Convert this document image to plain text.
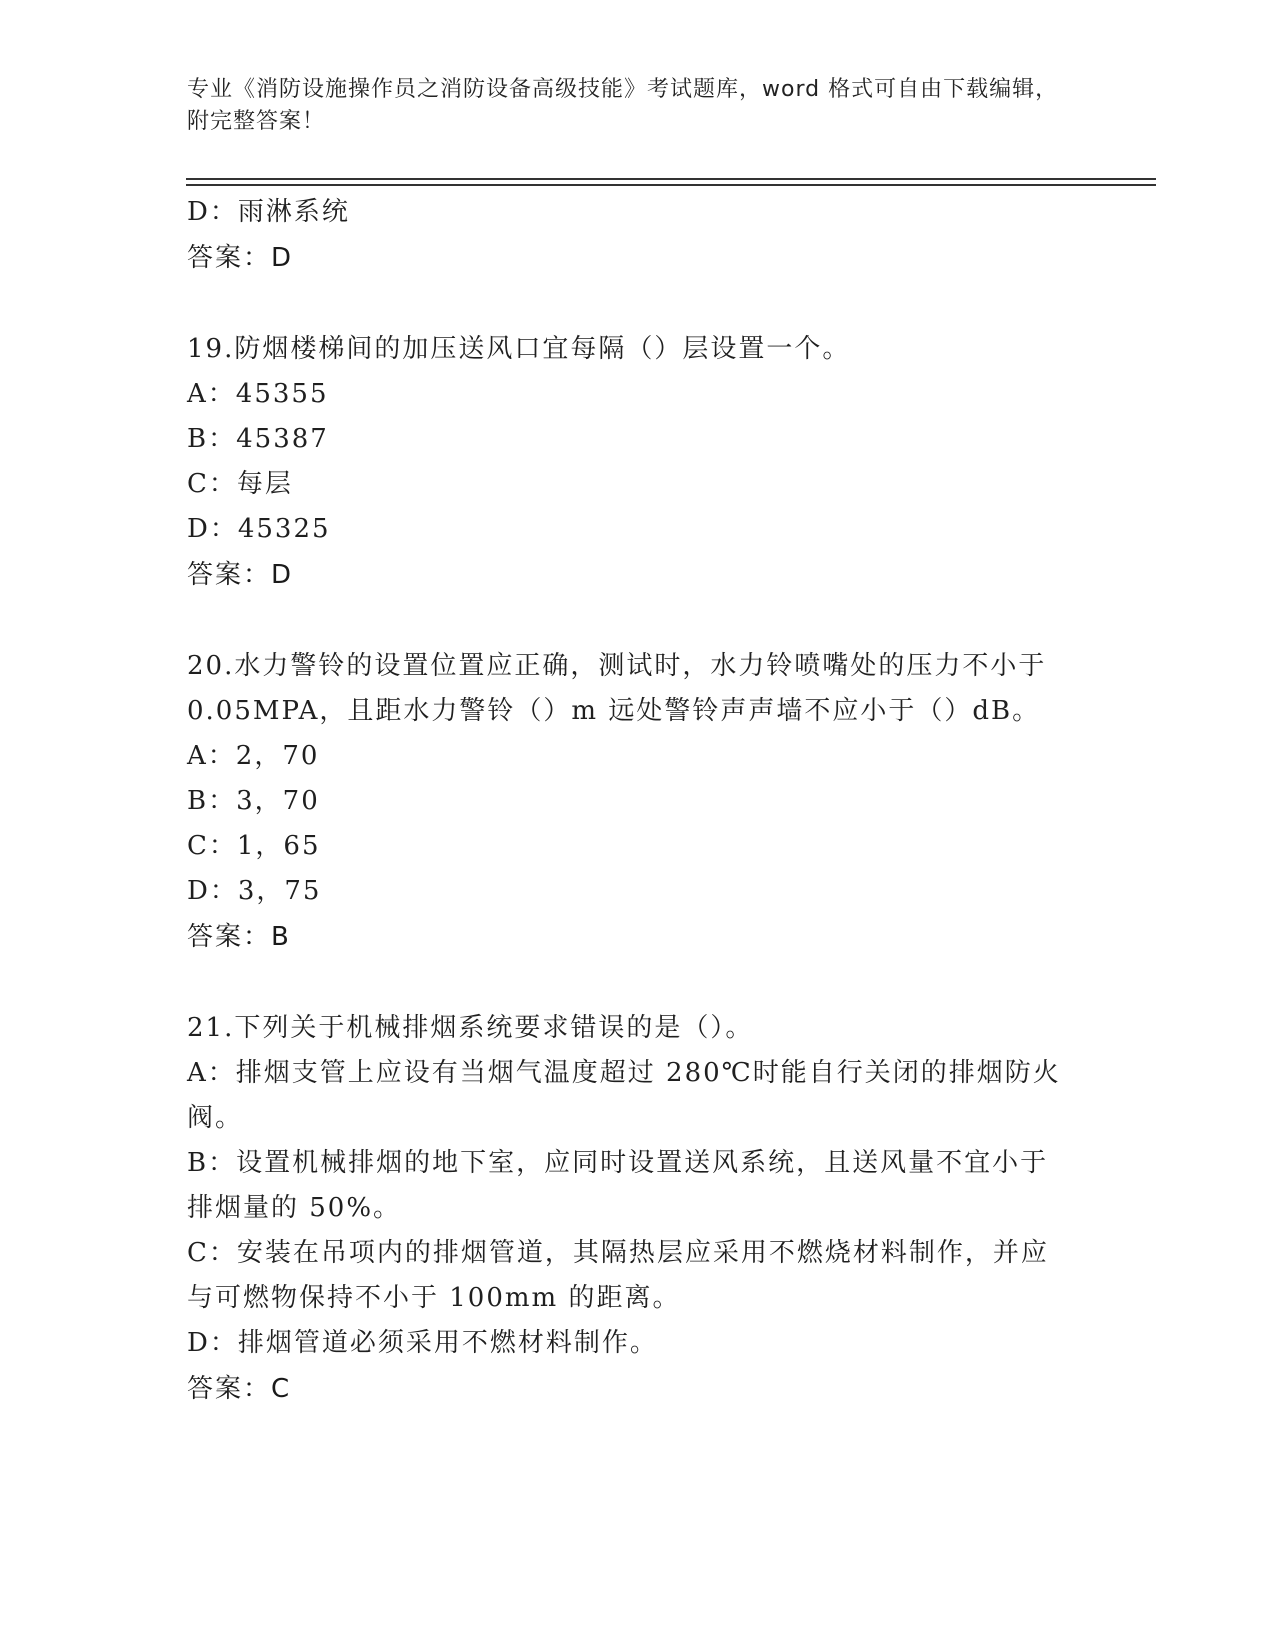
专业《消防设施操作员之消防设备高级技能》考试题库，word 格式可自由下载编辑，附完整答案！
D：雨淋系统
答案：D
19.防烟楼梯间的加压送风口宜每隔（）层设置一个。
A：45355
B：45387
C：每层
D：45325
答案：D
20.水力警铃的设置位置应正确，测试时，水力铃喷嘴处的压力不小于
0.05MPA，且距水力警铃（）m 远处警铃声声墙不应小于（）dB。
A：2，70
B：3，70
C：1，65
D：3，75
答案：B
21.下列关于机械排烟系统要求错误的是（）。
A：排烟支管上应设有当烟气温度超过 280℃时能自行关闭的排烟防火
阀。
B：设置机械排烟的地下室，应同时设置送风系统，且送风量不宜小于
排烟量的 50%。
C：安装在吊项内的排烟管道，其隔热层应采用不燃烧材料制作，并应
与可燃物保持不小于 100mm 的距离。
D：排烟管道必须采用不燃材料制作。
答案：C
